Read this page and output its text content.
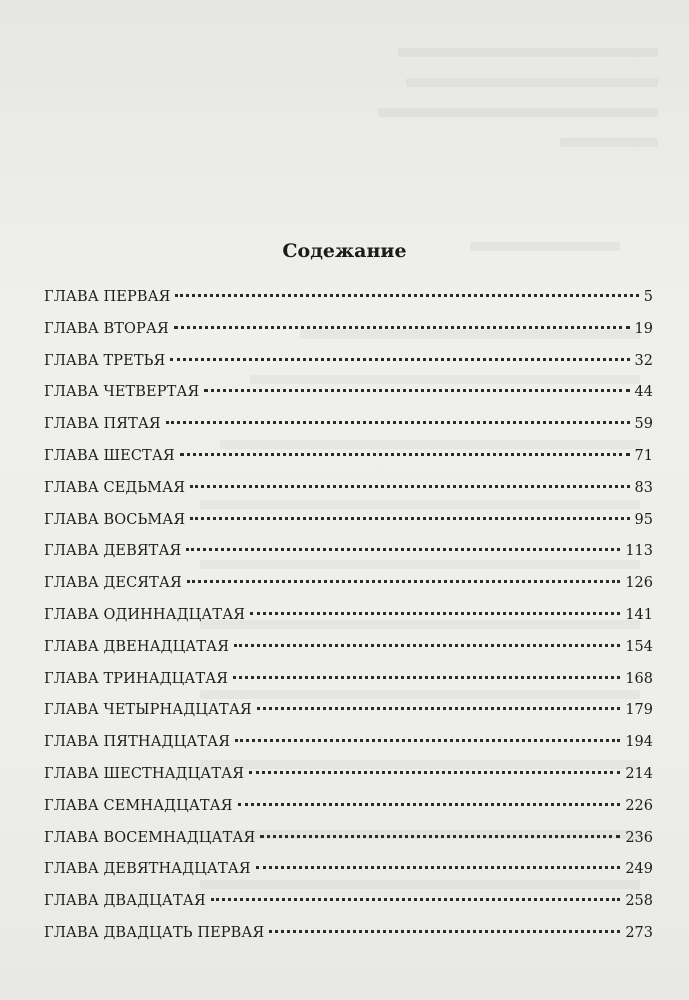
Содежание
ГЛАВА ПЕРВАЯ	5
ГЛАВА ВТОРАЯ	19
ГЛАВА ТРЕТЬЯ	32
ГЛАВА ЧЕТВЕРТАЯ	44
ГЛАВА ПЯТАЯ	59
ГЛАВА ШЕСТАЯ	71
ГЛАВА СЕДЬМАЯ	83
ГЛАВА ВОСЬМАЯ	95
ГЛАВА ДЕВЯТАЯ	113
ГЛАВА ДЕСЯТАЯ	126
ГЛАВА ОДИННАДЦАТАЯ	141
ГЛАВА ДВЕНАДЦАТАЯ	154
ГЛАВА ТРИНАДЦАТАЯ	168
ГЛАВА ЧЕТЫРНАДЦАТАЯ	179
ГЛАВА ПЯТНАДЦАТАЯ	194
ГЛАВА ШЕСТНАДЦАТАЯ	214
ГЛАВА СЕМНАДЦАТАЯ	226
ГЛАВА ВОСЕМНАДЦАТАЯ	236
ГЛАВА ДЕВЯТНАДЦАТАЯ	249
ГЛАВА ДВАДЦАТАЯ	258
ГЛАВА ДВАДЦАТЬ ПЕРВАЯ	273
